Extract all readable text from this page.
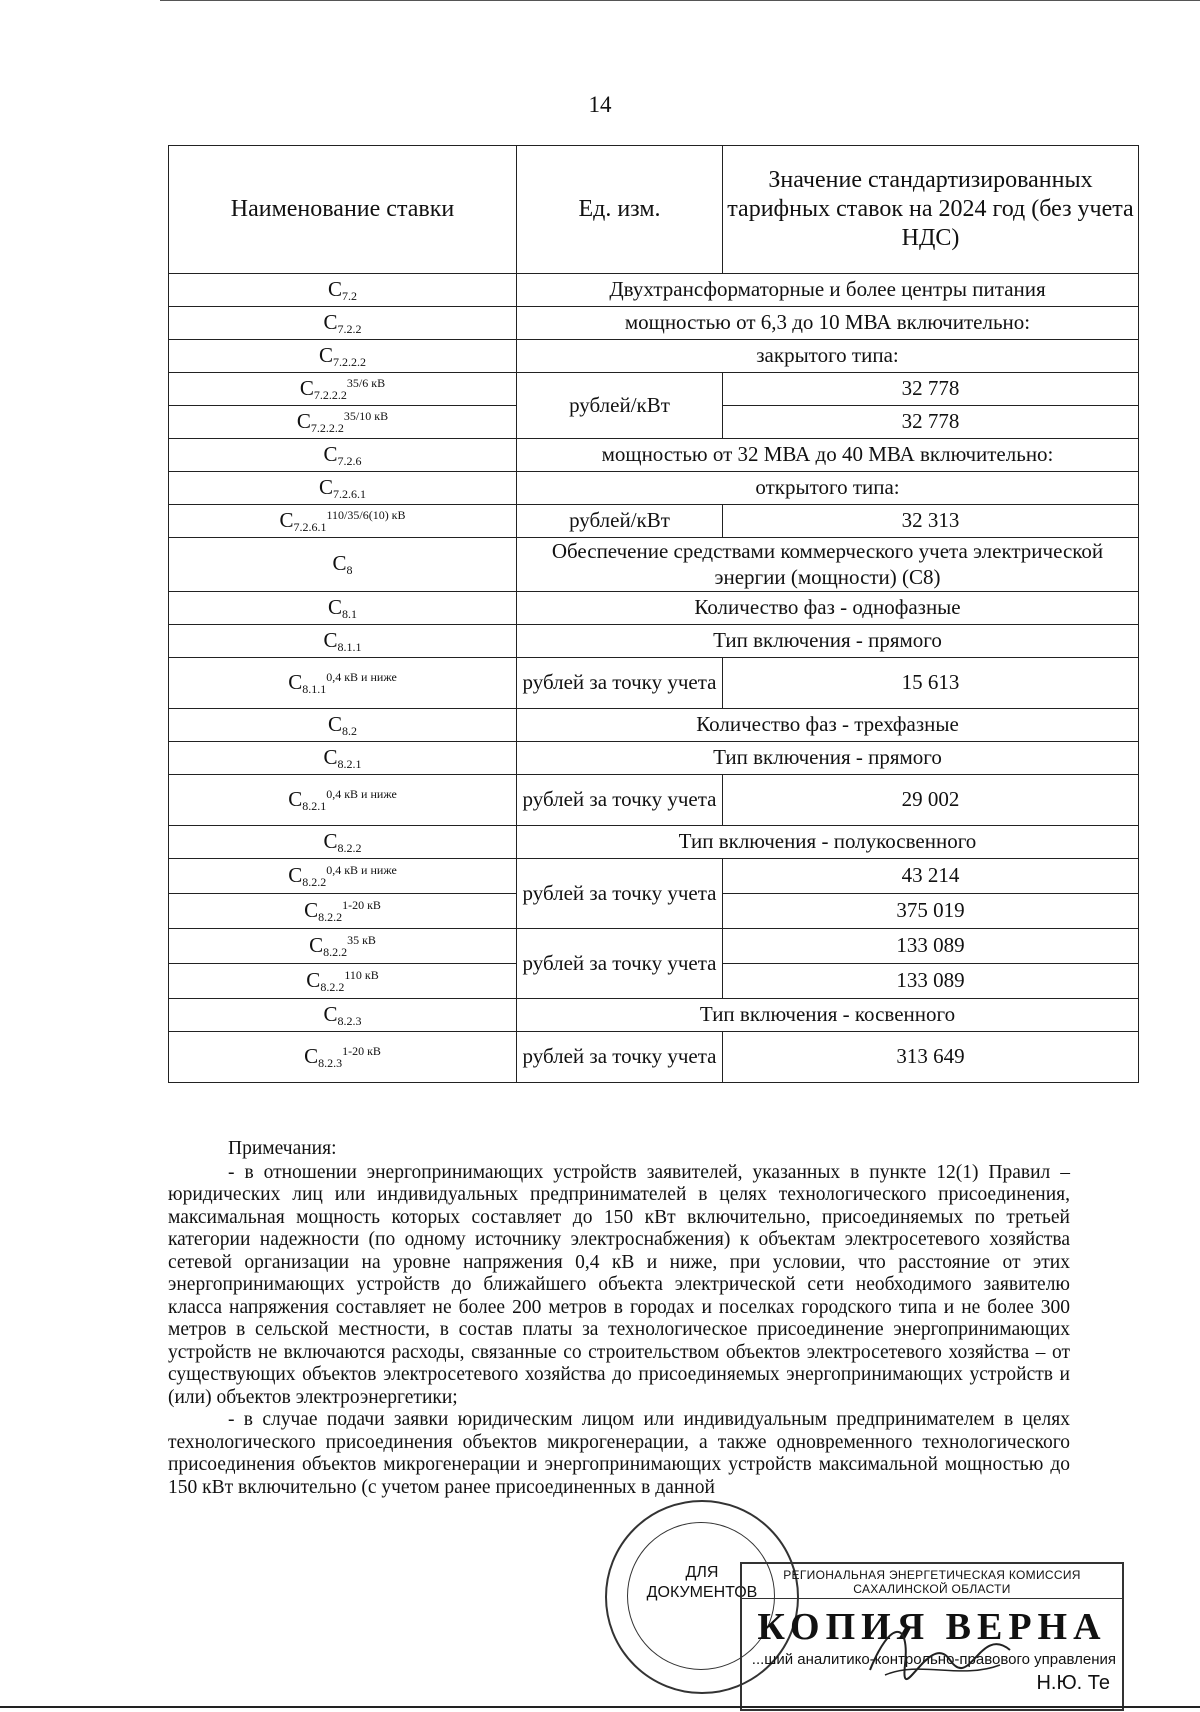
14
Наименование ставки	Ед. изм.	Значение стандартизированных тарифных ставок на 2024 год (без учета НДС)
$C_{7.2}$	Двухтрансформаторные и более центры питания	
$C_{7.2.2}$	мощностью от 6,3 до 10 МВА включительно:	
$C_{7.2.2.2}$	закрытого типа:	
$C_{7.2.2.2}^{35/6 кВ}$	рублей/кВт	32 778
$C_{7.2.2.2}^{35/10 кВ}$		32 778
$C_{7.2.6}$	мощностью от 32 МВА до 40 МВА включительно:	
$C_{7.2.6.1}$	открытого типа:	
$C_{7.2.6.1}^{110/35/6(10) кВ}$	рублей/кВт	32 313
$C_8$	Обеспечение средствами коммерческого учета электрической энергии (мощности) (C8)	
$C_{8.1}$	Количество фаз - однофазные	
$C_{8.1.1}$	Тип включения - прямого	
$C_{8.1.1}^{0,4 кВ и ниже}$	рублей за точку учета	15 613
$C_{8.2}$	Количество фаз - трехфазные	
$C_{8.2.1}$	Тип включения - прямого	
$C_{8.2.1}^{0,4 кВ и ниже}$	рублей за точку учета	29 002
$C_{8.2.2}$	Тип включения - полукосвенного	
$C_{8.2.2}^{0,4 кВ и ниже}$	рублей за точку учета	43 214
$C_{8.2.2}^{1-20 кВ}$		375 019
$C_{8.2.2}^{35 кВ}$	рублей за точку учета	133 089
$C_{8.2.2}^{110 кВ}$		133 089
$C_{8.2.3}$	Тип включения - косвенного	
$C_{8.2.3}^{1-20 кВ}$	рублей за точку учета	313 649

Примечания:

- в отношении энергопринимающих устройств заявителей, указанных в пункте 12(1) Правил – юридических лиц или индивидуальных предпринимателей в целях технологического присоединения, максимальная мощность которых составляет до 150 кВт включительно, присоединяемых по третьей категории надежности (по одному источнику электроснабжения) к объектам электросетевого хозяйства сетевой организации на уровне напряжения 0,4 кВ и ниже, при условии, что расстояние от этих энергопринимающих устройств до ближайшего объекта электрической сети необходимого заявителю класса напряжения составляет не более 200 метров в городах и поселках городского типа и не более 300 метров в сельской местности, в состав платы за технологическое присоединение энергопринимающих устройств не включаются расходы, связанные со строительством объектов электросетевого хозяйства – от существующих объектов электросетевого хозяйства до присоединяемых энергопринимающих устройств и (или) объектов электроэнергетики;

- в случае подачи заявки юридическим лицом или индивидуальным предпринимателем в целях технологического присоединения объектов микрогенерации, а также одновременного технологического присоединения объектов микрогенерации и энергопринимающих устройств максимальной мощностью до 150 кВт включительно (с учетом ранее присоединенных в данной

ДЛЯ
ДОКУМЕНТОВ
РЕГИОНАЛЬНАЯ ЭНЕРГЕТИЧЕСКАЯ КОМИССИЯ САХАЛИНСКОЙ ОБЛАСТИ
КОПИЯ ВЕРНА
...ший аналитико-контрольно-правового управления
Н.Ю. Те
